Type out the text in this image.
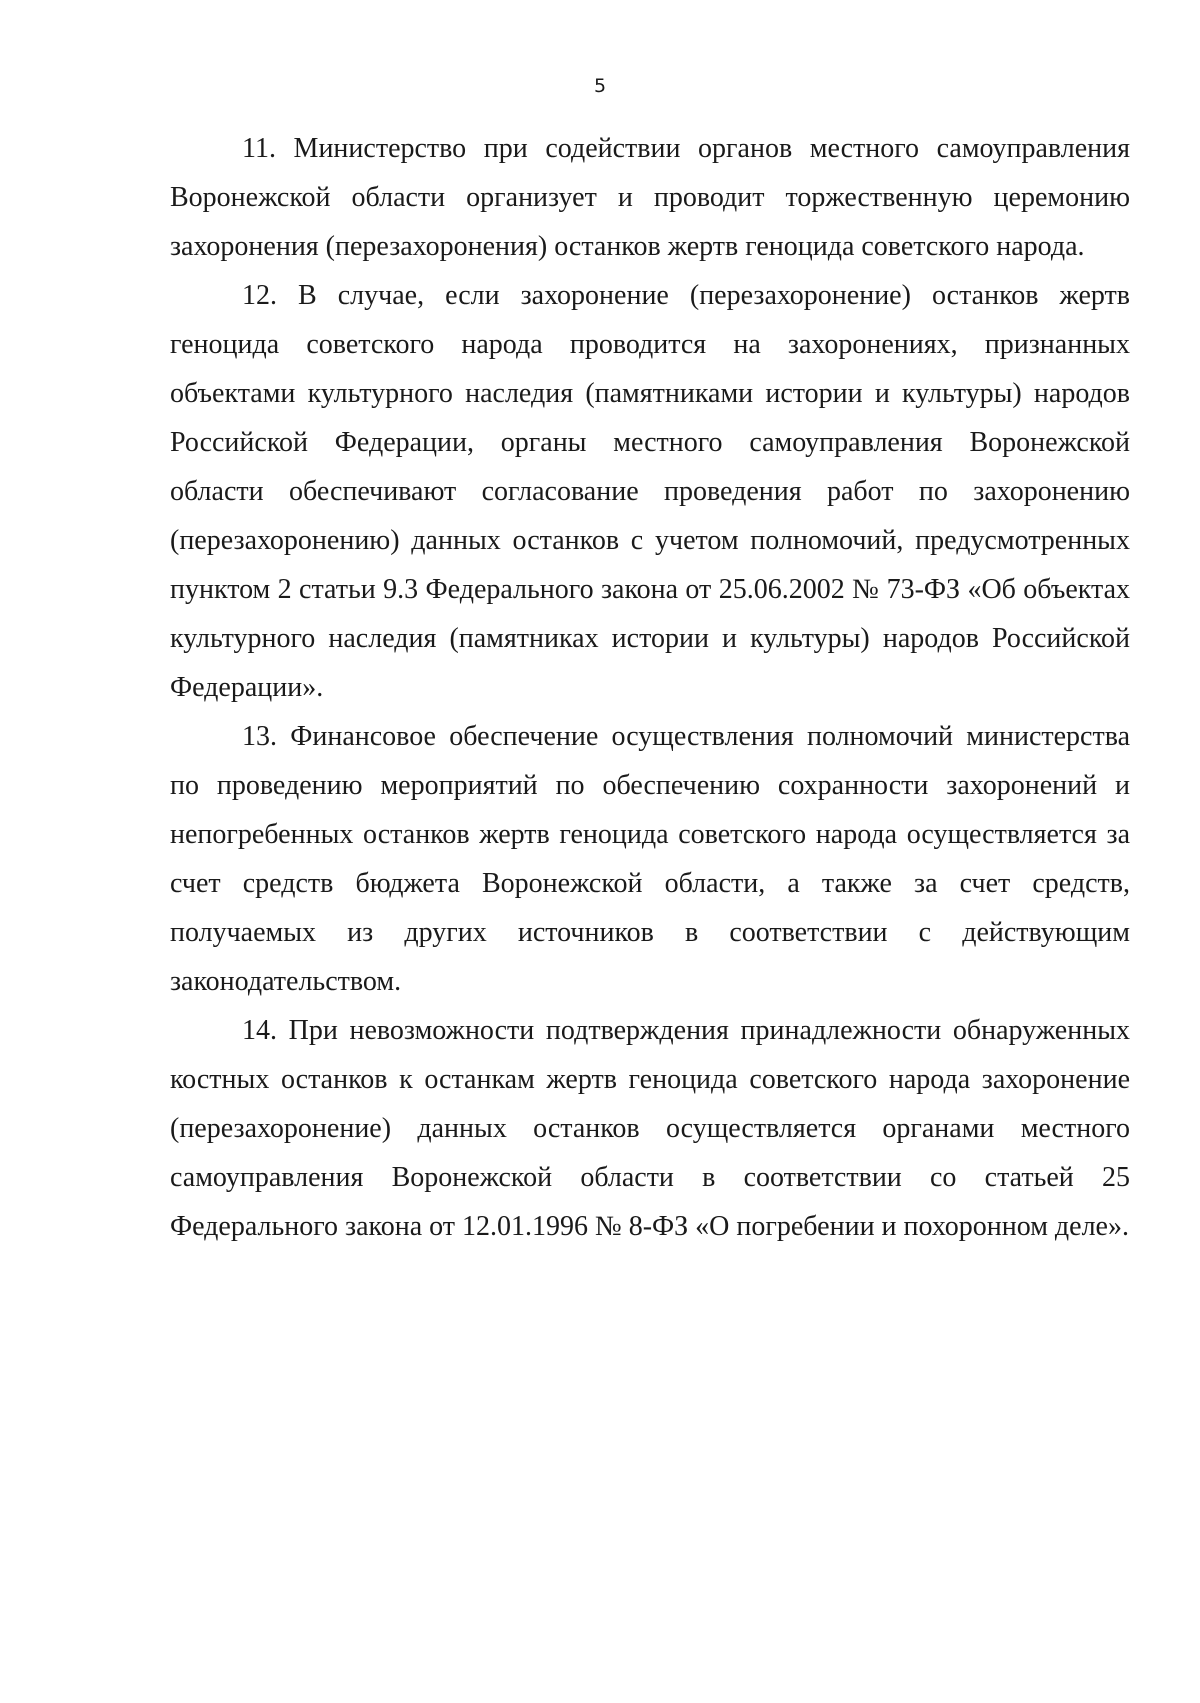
5

11. Министерство при содействии органов местного самоуправления Воронежской области организует и проводит торжественную церемонию захоронения (перезахоронения) останков жертв геноцида советского народа.

12. В случае, если захоронение (перезахоронение) останков жертв геноцида советского народа проводится на захоронениях, признанных объектами культурного наследия (памятниками истории и культуры) народов Российской Федерации, органы местного самоуправления Воронежской области обеспечивают согласование проведения работ по захоронению (перезахоронению) данных останков с учетом полномочий, предусмотренных пунктом 2 статьи 9.3 Федерального закона от 25.06.2002 № 73-ФЗ «Об объектах культурного наследия (памятниках истории и культуры) народов Российской Федерации».

13. Финансовое обеспечение осуществления полномочий министерства по проведению мероприятий по обеспечению сохранности захоронений и непогребенных останков жертв геноцида советского народа осуществляется за счет средств бюджета Воронежской области, а также за счет средств, получаемых из других источников в соответствии с действующим законодательством.

14. При невозможности подтверждения принадлежности обнаруженных костных останков к останкам жертв геноцида советского народа захоронение (перезахоронение) данных останков осуществляется органами местного самоуправления Воронежской области в соответствии со статьей 25 Федерального закона от 12.01.1996 № 8-ФЗ «О погребении и похоронном деле».
